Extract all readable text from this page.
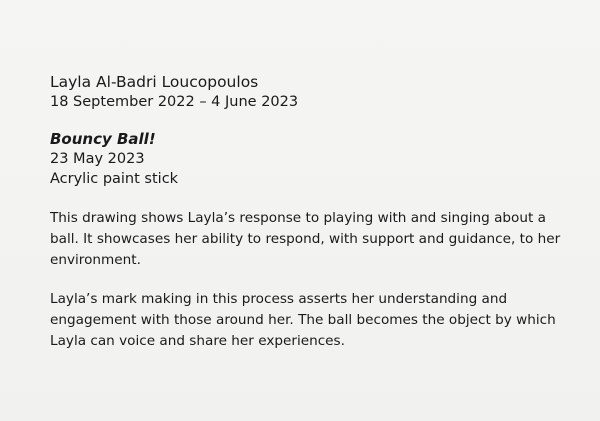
Layla Al-Badri Loucopoulos
18 September 2022 – 4 June 2023
Bouncy Ball!
23 May 2023
Acrylic paint stick
This drawing shows Layla’s response to playing with and singing about a ball. It showcases her ability to respond, with support and guidance, to her environment.
Layla’s mark making in this process asserts her understanding and engagement with those around her. The ball becomes the object by which Layla can voice and share her experiences.
